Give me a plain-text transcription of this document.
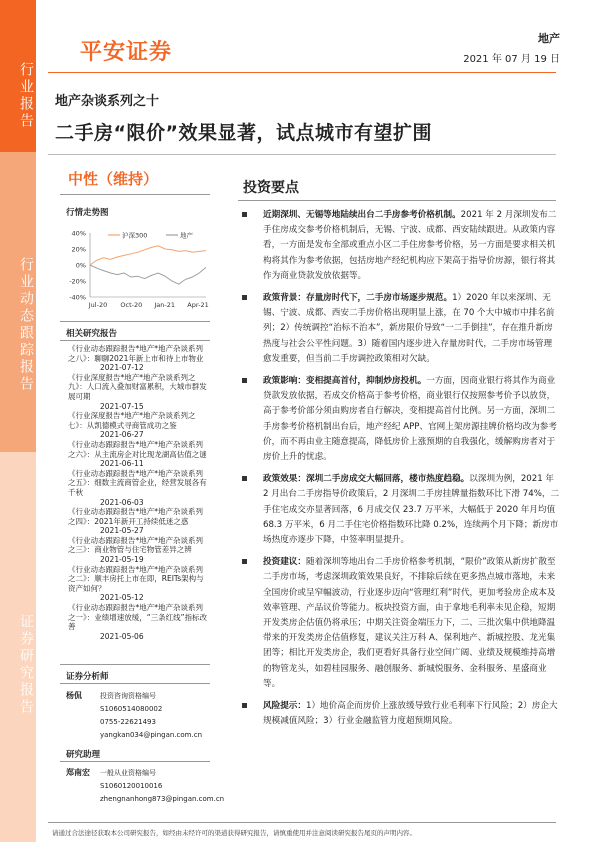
行业报告
行业动态跟踪报告
证券研究报告
平安证券
地产
2021 年 07 月 19 日
地产杂谈系列之十
二手房“限价”效果显著，试点城市有望扩围
中性（维持）
行情走势图
40%
20%
0%
-20%
-40%
Jul-20 Oct-20 Jan-21 Apr-21
沪深300	地产
相关研究报告
《行业动态跟踪报告*地产*地产杂谈系列之八》：聊聊2021年新上市和待上市物业
2021-07-12
《行业深度报告*地产*地产杂谈系列之九》：人口流入叠加财富累积，大城市群发展可期
2021-07-15
《行业深度报告*地产*地产杂谈系列之七》：从凯德模式寻商管成功之鉴
2021-06-27
《行业动态跟踪报告*地产*地产杂谈系列之六》：从主流房企对比现龙湖高估值之谜
2021-06-11
《行业动态跟踪报告*地产*地产杂谈系列之五》：细数主流商管企业，经营发展各有千秋
2021-06-03
《行业动态跟踪报告*地产*地产杂谈系列之四》：2021年新开工持续低迷之惑
2021-05-27
《行业动态跟踪报告*地产*地产杂谈系列之三》：商业物管与住宅物管差异之辨
2021-05-19
《行业动态跟踪报告*地产*地产杂谈系列之二》：顺丰房托上市在即，REITs架构与资产如何？
2021-05-12
《行业动态跟踪报告*地产*地产杂谈系列之一》：业绩增速放缓，“三条红线”指标改善
2021-05-06
证券分析师
杨侃	投资咨询资格编号
S1060514080002
0755-22621493
yangkan034@pingan.com.cn
研究助理
郑南宏 一般从业资格编号
S1060120010016
zhengnanhong873@pingan.com.cn
投资要点
近期深圳、无锡等地陆续出台二手房参考价格机制。2021 年 2 月深圳发布二手住房成交参考价格机制后，无锡、宁波、成都、西安陆续跟进。从政策内容看，一方面是发布全部或重点小区二手住房参考价格，另一方面是要求相关机构将其作为参考依据，包括房地产经纪机构应下架高于指导价房源，银行将其作为商业贷款发放依据等。
政策背景：存量房时代下，二手房市场逐步规范。1）2020 年以来深圳、无锡、宁波、成都、西安二手房价格出现明显上涨，在 70 个大中城市中排名前列；2）传统调控“治标不治本”，新房限价导致“一二手倒挂”，存在推升新房热度与社会公平性问题。3）随着国内逐步进入存量房时代，二手房市场管理愈发重要，但当前二手房调控政策相对欠缺。
政策影响：变相提高首付，抑制炒房投机。一方面，因商业银行将其作为商业贷款发放依据，若成交价格高于参考价格，商业银行仅按照参考价予以放贷，高于参考价部分须由购房者自行解决，变相提高首付比例。另一方面，深圳二手房参考价格机制出台后，地产经纪 APP、官网上架房源挂牌价格均改为参考价，而不再由业主随意提高，降低房价上涨预期的自我强化，缓解购房者对于房价上升的忧虑。
政策效果：深圳二手房成交大幅回落，楼市热度趋稳。以深圳为例，2021 年 2 月出台二手房指导价政策后，2 月深圳二手房挂牌量指数环比下滑 74%，二手住宅成交亦显著回落，6 月成交仅 23.7 万平米，大幅低于 2020 年月均值 68.3 万平米，6 月二手住宅价格指数环比降 0.2%，连续两个月下降；新房市场热度亦逐步下降，中签率明显提升。
投资建议：随着深圳等地出台二手房价格参考机制，“限价”政策从新房扩散至二手房市场，考虑深圳政策效果良好，不排除后续在更多热点城市落地，未来全国房价或呈窄幅波动，行业逐步迈向“管理红利”时代，更加考验房企成本及效率管理、产品议价等能力。板块投资方面，由于拿地毛利率未见企稳，短期开发类房企估值仍将承压；中期关注资金端压力下，二、三批次集中供地降温带来的开发类房企估值修复，建议关注万科 A、保利地产、新城控股、龙光集团等；相比开发类房企，我们更看好具备行业空间广阔、业绩及规模维持高增的物管龙头，如碧桂园服务、融创服务、新城悦服务、金科服务、星盛商业等。
风险提示：1）地价高企而房价上涨放缓导致行业毛利率下行风险；2）房企大规模减值风险；3）行业金融监管力度超预期风险。
请通过合法途径获取本公司研究报告，如经由未经许可的渠道获得研究报告，请慎重使用并注意阅读研究报告尾页的声明内容。
